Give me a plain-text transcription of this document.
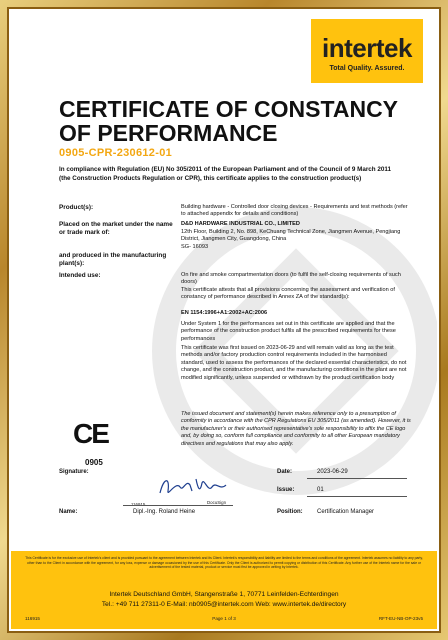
intertek
Total Quality. Assured.
CERTIFICATE OF CONSTANCY OF PERFORMANCE
0905-CPR-230612-01
In compliance with Regulation (EU) No 305/2011 of the European Parliament and of the Council of 9 March 2011 (the Construction Products Regulation or CPR), this certificate applies to the construction product(s)
Product(s):	Building hardware - Controlled door closing devices - Requirements and test methods (refer to attached appendix for details and conditions)
Placed on the market under the name or trade mark of:
D&D HARDWARE INDUSTRIAL CO., LIMITED
12th Floor, Building 2, No. 898, KeChuang Technical Zone, Jiangmen Avenue, Pengjiang District, Jiangmen City, Guangdong, China
SG- 16093
and produced in the manufacturing plant(s):
Intended use:	On fire and smoke compartmentation doors (to fulfil the self-closing requirements of such doors)
This certificate attests that all provisions concerning the assessment and verification of constancy of performance described in Annex ZA of the standard(s):
EN 1154:1996+A1:2002+AC:2006
Under System 1 for the performances set out in this certificate are applied and that the performance of the construction product fulfils all the prescribed requirements for these performances
This certificate was first issued on 2023-06-29 and will remain valid as long as the test methods and/or factory production control requirements included in the harmonised standard, used to assess the performances of the declared essential characteristics, do not change, and the construction product, and the manufacturing conditions in the plant are not modified significantly, unless suspended or withdrawn by the product certification body
CE
0905
The issued document and statement(s) herein makes reference only to a presumption of conformity in accordance with the CPR Regulations EU 305/2011 (as amended). However, it is the manufacturer's or their authorised representative's sole responsibility to affix the CE logo and, by doing so, conform full compliance and conformity to all other European mandatory directives and regulations that may also apply.
Signature:	Date:	2023-06-29
DocuSign
Issue:	01
Name:	Dipl.-Ing. Roland Heine	Position: Certification Manager
This Certificate is for the exclusive use of Intertek's client and is provided pursuant to the agreement between Intertek and its Client. Intertek's responsibility and liability are limited to the terms and conditions of the agreement. Intertek assumes no liability to any party, other than to the Client in accordance with the agreement, for any loss, expense or damage occasioned by the use of this Certificate. Only the Client is authorized to permit copying or distribution of this Certificate. Any further use of the Intertek name for the sale or advertisement of the tested material, product or service must first be approved in writing by Intertek.
Intertek Deutschland GmbH, Stangenstraße 1, 70771 Leinfelden-Echterdingen
Tel.: +49 711 27311-0 E-Mail: nb0905@intertek.com Web: www.intertek.de/directory
116915	Page 1 of 3	RFT-EU-NB-OP-23v5
